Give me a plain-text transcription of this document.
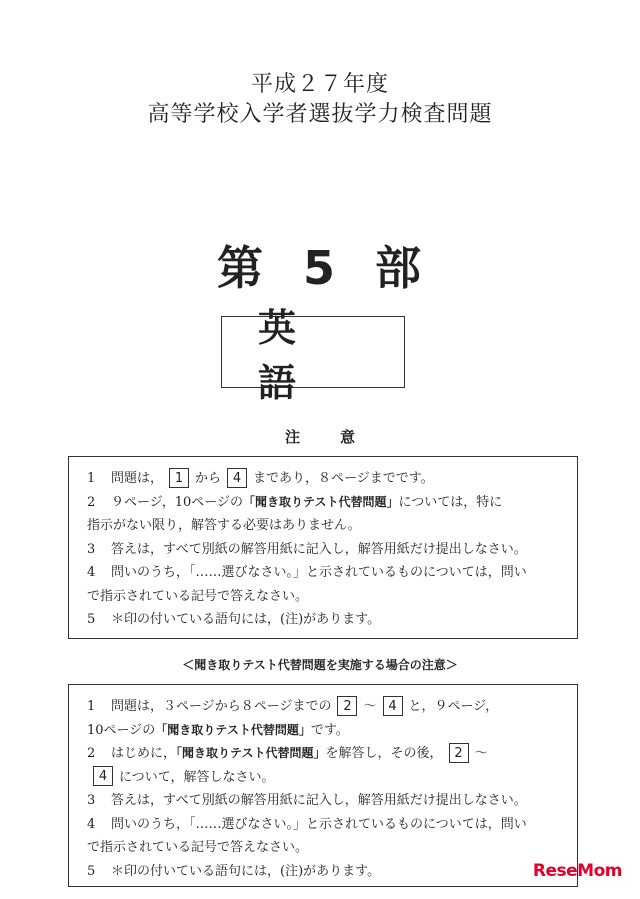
平成２７年度
高等学校入学者選抜学力検査問題
第 5 部
英語
注意
1	問題は， 1 から 4 まであり，８ページまでです。
2	９ページ，10ページの「聞き取りテスト代替問題」については，特に
指示がない限り，解答する必要はありません。
3	答えは，すべて別紙の解答用紙に記入し，解答用紙だけ提出しなさい。
4	問いのうち，「……選びなさい。」と示されているものについては，問い
で指示されている記号で答えなさい。
5	＊印の付いている語句には，(注)があります。
＜聞き取りテスト代替問題を実施する場合の注意＞
1	問題は，３ページから８ページまでの 2 ～ 4 と，９ページ，
10ページの「聞き取りテスト代替問題」です。
2	はじめに，「聞き取りテスト代替問題」を解答し，その後， 2 ～
4 について，解答しなさい。
3	答えは，すべて別紙の解答用紙に記入し，解答用紙だけ提出しなさい。
4	問いのうち，「……選びなさい。」と示されているものについては，問い
で指示されている記号で答えなさい。
5	＊印の付いている語句には，(注)があります。	ReseMom
